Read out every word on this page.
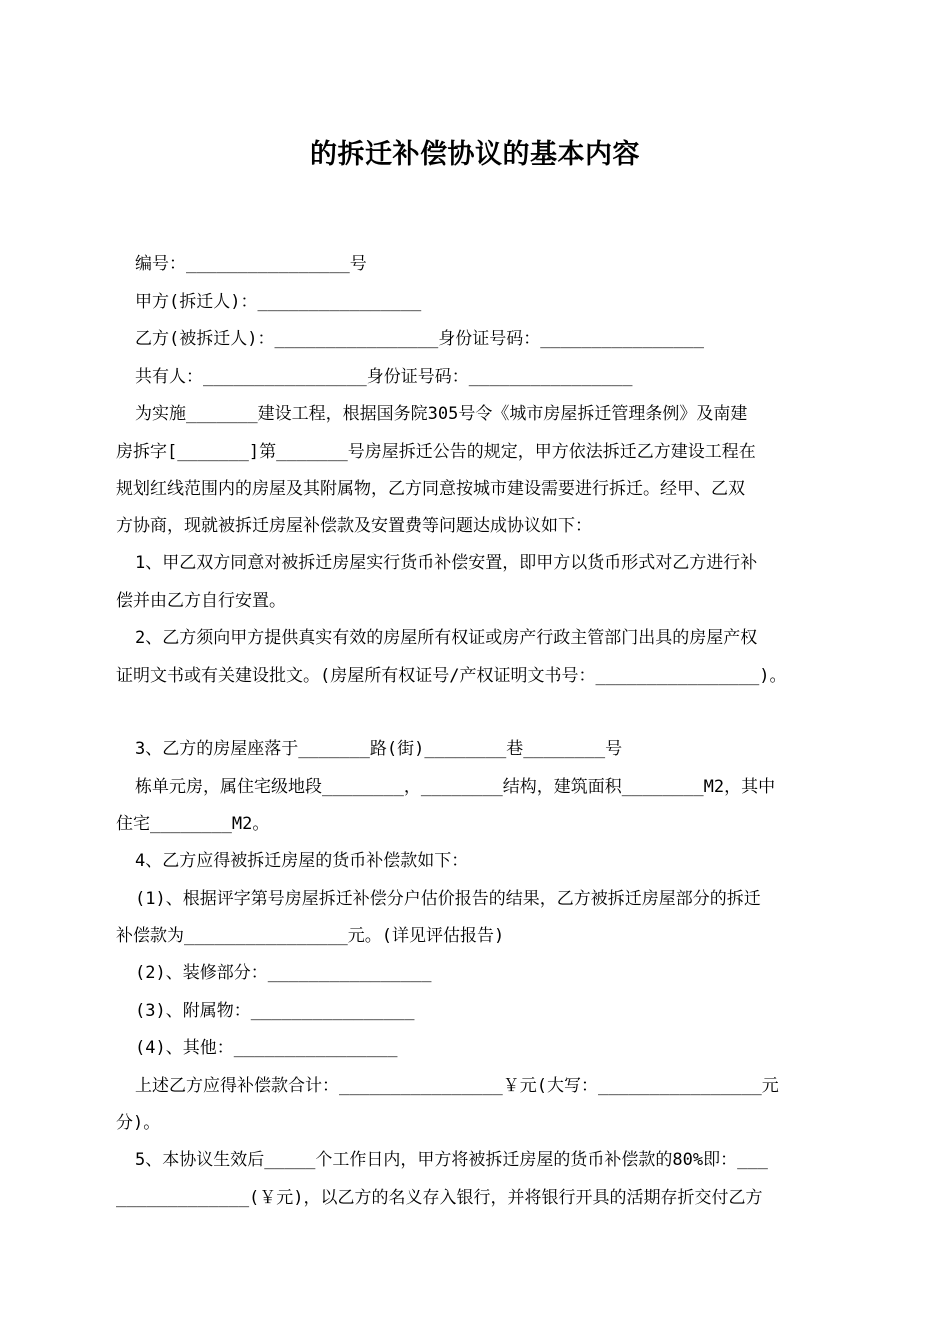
的拆迁补偿协议的基本内容
编号：________________号
甲方(拆迁人)：________________
乙方(被拆迁人)：________________身份证号码：________________
共有人：________________身份证号码：________________
为实施_______建设工程，根据国务院305号令《城市房屋拆迁管理条例》及南建
房拆字[_______]第_______号房屋拆迁公告的规定，甲方依法拆迁乙方建设工程在
规划红线范围内的房屋及其附属物，乙方同意按城市建设需要进行拆迁。经甲、乙双
方协商，现就被拆迁房屋补偿款及安置费等问题达成协议如下：
1、甲乙双方同意对被拆迁房屋实行货币补偿安置，即甲方以货币形式对乙方进行补
偿并由乙方自行安置。
2、乙方须向甲方提供真实有效的房屋所有权证或房产行政主管部门出具的房屋产权
证明文书或有关建设批文。(房屋所有权证号/产权证明文书号：________________)。
3、乙方的房屋座落于_______路(街)________巷________号
栋单元房，属住宅级地段________，________结构，建筑面积________M2，其中
住宅________M2。
4、乙方应得被拆迁房屋的货币补偿款如下：
(1)、根据评字第号房屋拆迁补偿分户估价报告的结果，乙方被拆迁房屋部分的拆迁
补偿款为________________元。(详见评估报告)
(2)、装修部分：________________
(3)、附属物：________________
(4)、其他：________________
上述乙方应得补偿款合计：________________￥元(大写：________________元
分)。
5、本协议生效后_____个工作日内，甲方将被拆迁房屋的货币补偿款的80%即：___
_____________(￥元)，以乙方的名义存入银行，并将银行开具的活期存折交付乙方
